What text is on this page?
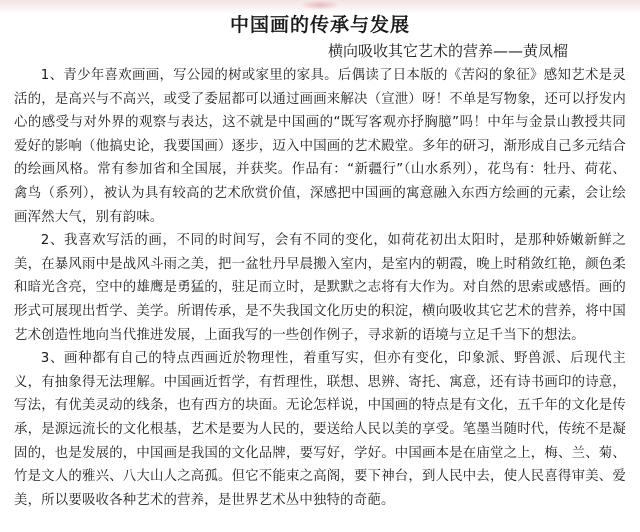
中国画的传承与发展
横向吸收其它艺术的营养——黄凤榴

1、青少年喜欢画画，写公园的树或家里的家具。后偶读了日本版的《苦闷的象征》感知艺术是灵活的，是高兴与不高兴，或受了委屈都可以通过画画来解决（宣泄）呀！不单是写物象，还可以抒发内心的感受与对外界的观察与表达，这不就是中国画的“既写客观亦抒胸臆”吗！中年与金景山教授共同爱好的影响（他搞史论，我要国画）逐步，迈入中国画的艺术殿堂。多年的研习，渐形成自己多元结合的绘画风格。常有参加省和全国展，并获奖。作品有：“新疆行”（山水系列），花鸟有：牡丹、荷花、禽鸟（系列），被认为具有较高的艺术欣赏价值，深感把中国画的寓意融入东西方绘画的元素，会让绘画浑然大气，别有韵味。

2、我喜欢写活的画，不同的时间写，会有不同的变化，如荷花初出太阳时，是那种娇嫩新鲜之美，在暴风雨中是战风斗雨之美，把一盆牡丹早晨搬入室内，是室内的朝霞，晚上时稍敛红艳，颜色柔和暗光含亮，空中的雄鹰是勇猛的，驻足而立时，是默默之志将有大作为。对自然的思索或感悟。画的形式可展现出哲学、美学。所谓传承，是不失我国文化历史的积淀，横向吸收其它艺术的营养，将中国艺术创造性地向当代推进发展，上面我写的一些创作例子，寻求新的语境与立足千当下的想法。

3、画种都有自己的特点西画近於物理性，着重写实，但亦有变化，印象派、野兽派、后现代主义，有抽象得无法理解。中国画近哲学，有哲理性，联想、思辨、寄托、寓意，还有诗书画印的诗意，写法，有优美灵动的线条，也有西方的块面。无论怎样说，中国画的特点是有文化，五千年的文化是传承，是源远流长的文化根基，艺术是要为人民的，要送给人民以美的享受。笔墨当随时代，传统不是凝固的，也是发展的，中国画是我国的文化品牌，要写好，学好。中国画本是在庙堂之上，梅、兰、菊、竹是文人的雅兴、八大山人之高孤。但它不能束之高阁，要下神台，到人民中去，使人民喜得审美、爱美，所以要吸收各种艺术的营养，是世界艺术丛中独特的奇葩。
